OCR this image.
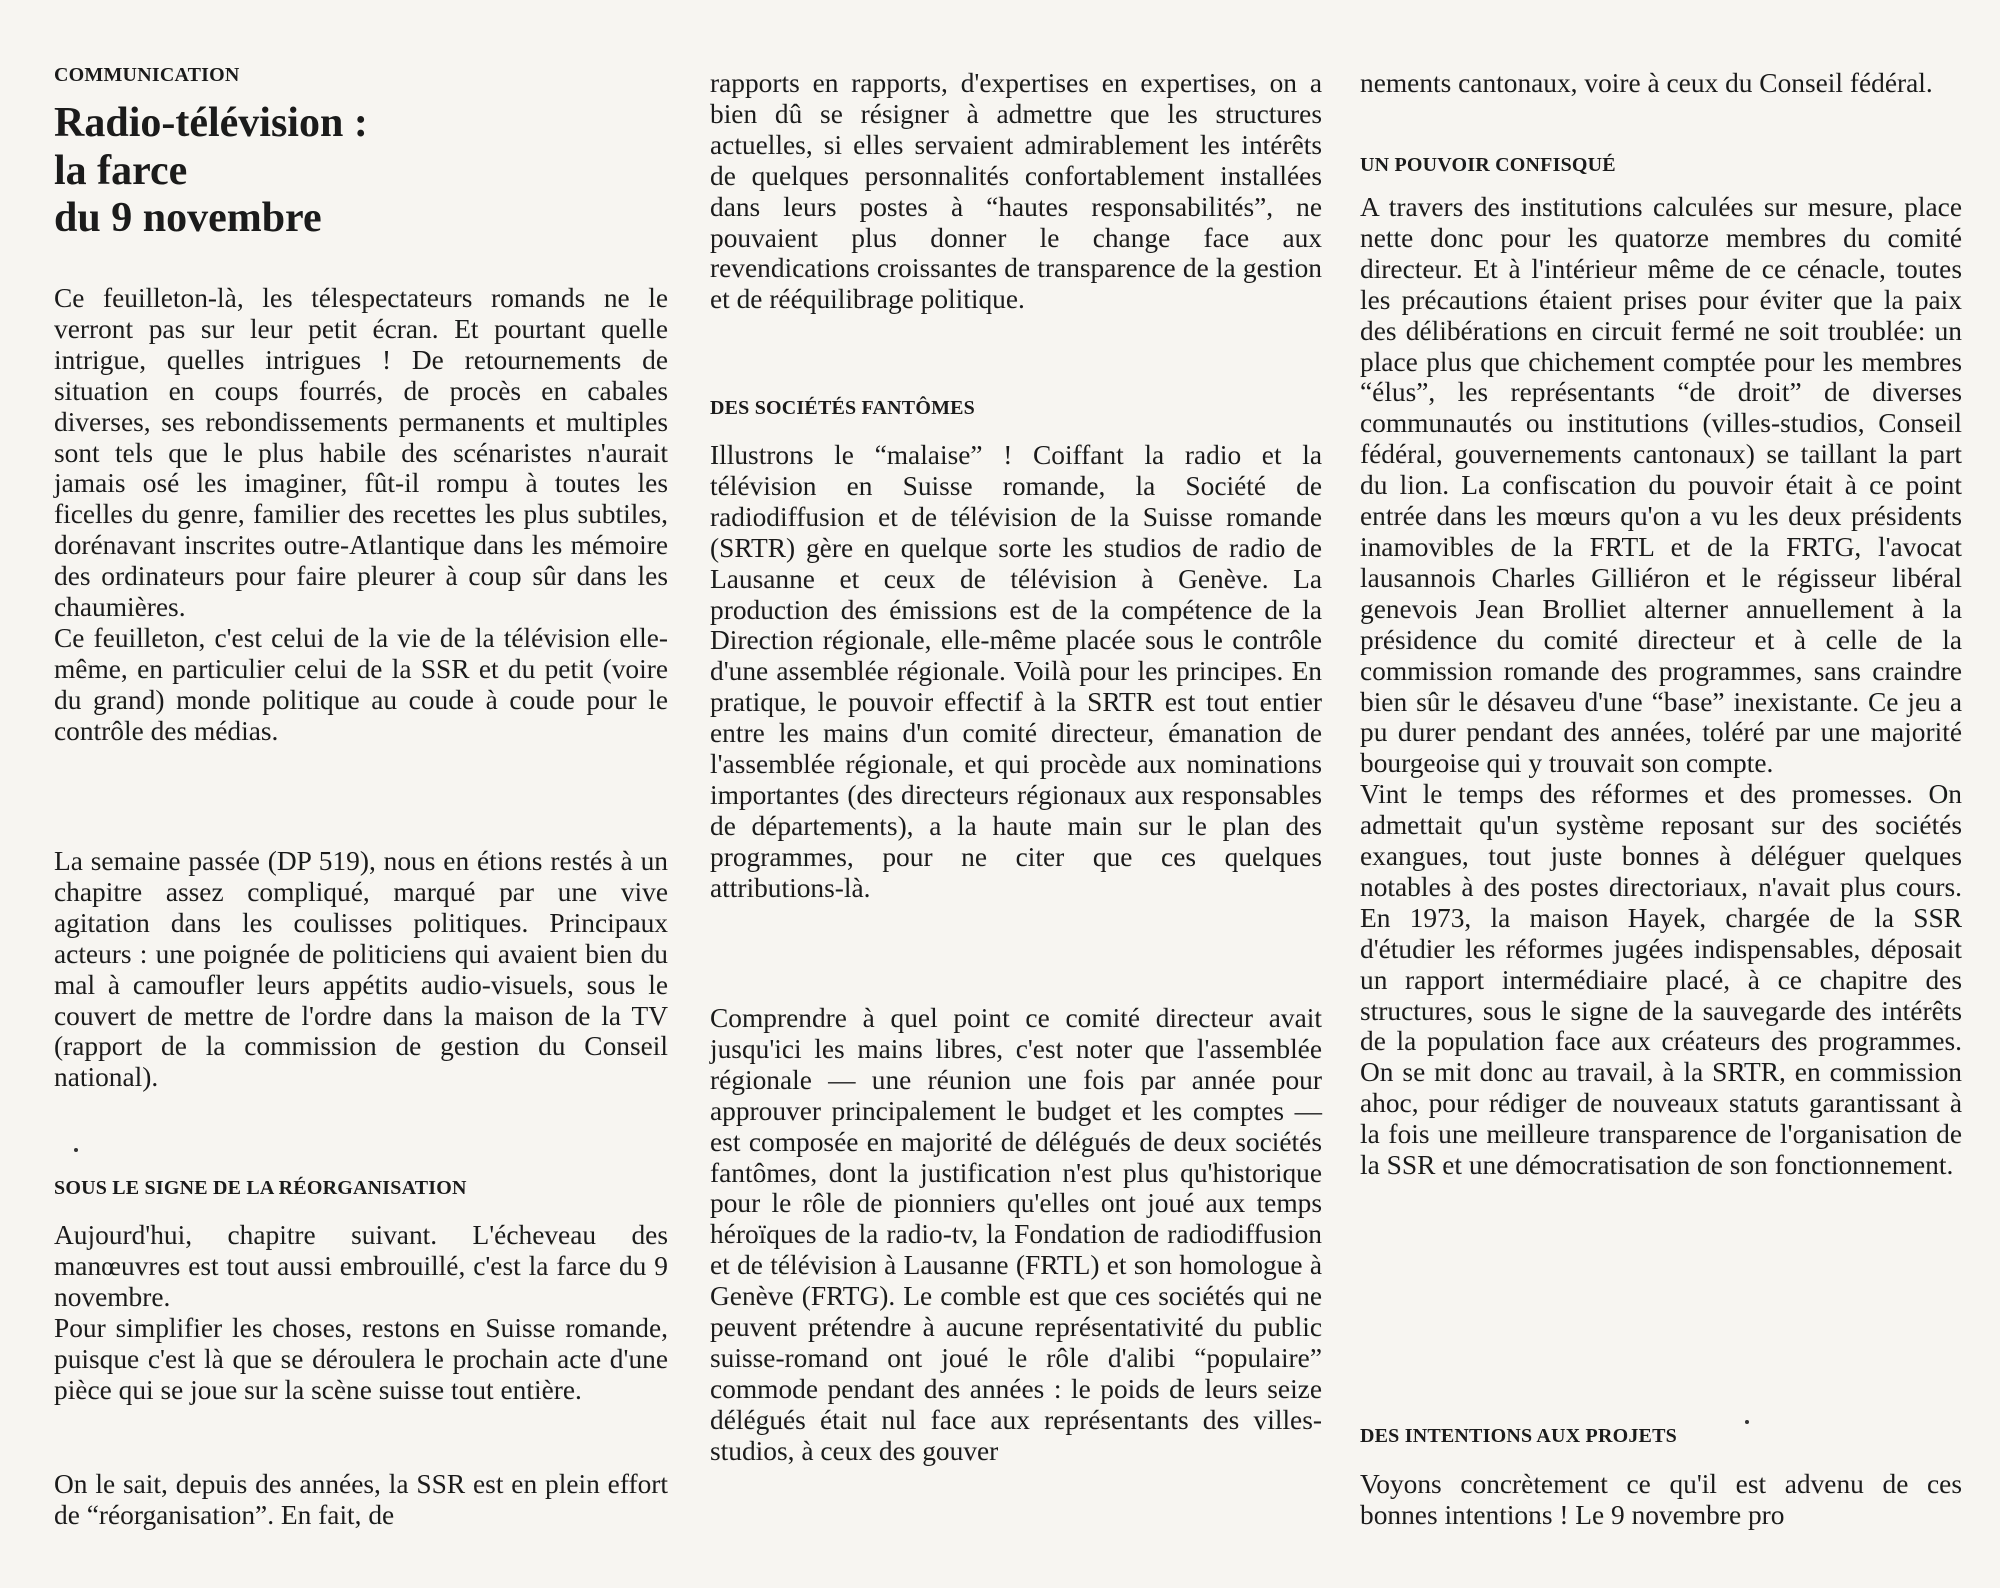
COMMUNICATION
Radio-télévision :
la farce
du 9 novembre

Ce feuilleton-là, les télespectateurs romands ne le verront pas sur leur petit écran. Et pourtant quelle intrigue, quelles intrigues ! De retournements de situation en coups fourrés, de procès en cabales diverses, ses rebondissements permanents et multiples sont tels que le plus habile des scénaristes n'aurait jamais osé les imaginer, fût-il rompu à toutes les ficelles du genre, familier des recettes les plus subtiles, dorénavant inscrites outre-Atlantique dans les mémoire des ordinateurs pour faire pleurer à coup sûr dans les chaumières.

Ce feuilleton, c'est celui de la vie de la télévision elle-même, en particulier celui de la SSR et du petit (voire du grand) monde politique au coude à coude pour le contrôle des médias.

La semaine passée (DP 519), nous en étions restés à un chapitre assez compliqué, marqué par une vive agitation dans les coulisses politiques. Principaux acteurs : une poignée de politiciens qui avaient bien du mal à camoufler leurs appétits audio-visuels, sous le couvert de mettre de l'ordre dans la maison de la TV (rapport de la commission de gestion du Conseil national).

SOUS LE SIGNE DE LA RÉORGANISATION

Aujourd'hui, chapitre suivant. L'écheveau des manœuvres est tout aussi embrouillé, c'est la farce du 9 novembre.

Pour simplifier les choses, restons en Suisse romande, puisque c'est là que se déroulera le prochain acte d'une pièce qui se joue sur la scène suisse tout entière.

On le sait, depuis des années, la SSR est en plein effort de “réorganisation”. En fait, de

rapports en rapports, d'expertises en expertises, on a bien dû se résigner à admettre que les structures actuelles, si elles servaient admirablement les intérêts de quelques personnalités confortablement installées dans leurs postes à “hautes responsabilités”, ne pouvaient plus donner le change face aux revendications croissantes de transparence de la gestion et de rééquilibrage politique.

DES SOCIÉTÉS FANTÔMES

Illustrons le “malaise” ! Coiffant la radio et la télévision en Suisse romande, la Société de radiodiffusion et de télévision de la Suisse romande (SRTR) gère en quelque sorte les studios de radio de Lausanne et ceux de télévision à Genève. La production des émissions est de la compétence de la Direction régionale, elle-même placée sous le contrôle d'une assemblée régionale. Voilà pour les principes. En pratique, le pouvoir effectif à la SRTR est tout entier entre les mains d'un comité directeur, émanation de l'assemblée régionale, et qui procède aux nominations importantes (des directeurs régionaux aux responsables de départements), a la haute main sur le plan des programmes, pour ne citer que ces quelques attributions-là.

Comprendre à quel point ce comité directeur avait jusqu'ici les mains libres, c'est noter que l'assemblée régionale — une réunion une fois par année pour approuver principalement le budget et les comptes — est composée en majorité de délégués de deux sociétés fantômes, dont la justification n'est plus qu'historique pour le rôle de pionniers qu'elles ont joué aux temps héroïques de la radio-tv, la Fondation de radiodiffusion et de télévision à Lausanne (FRTL) et son homologue à Genève (FRTG). Le comble est que ces sociétés qui ne peuvent prétendre à aucune représentativité du public suisse-romand ont joué le rôle d'alibi “populaire” commode pendant des années : le poids de leurs seize délégués était nul face aux représentants des villes-studios, à ceux des gouver

nements cantonaux, voire à ceux du Conseil fédéral.

UN POUVOIR CONFISQUÉ

A travers des institutions calculées sur mesure, place nette donc pour les quatorze membres du comité directeur. Et à l'intérieur même de ce cénacle, toutes les précautions étaient prises pour éviter que la paix des délibérations en circuit fermé ne soit troublée: un place plus que chichement comptée pour les membres “élus”, les représentants “de droit” de diverses communautés ou institutions (villes-studios, Conseil fédéral, gouvernements cantonaux) se taillant la part du lion. La confiscation du pouvoir était à ce point entrée dans les mœurs qu'on a vu les deux présidents inamovibles de la FRTL et de la FRTG, l'avocat lausannois Charles Gilliéron et le régisseur libéral genevois Jean Brolliet alterner annuellement à la présidence du comité directeur et à celle de la commission romande des programmes, sans craindre bien sûr le désaveu d'une “base” inexistante. Ce jeu a pu durer pendant des années, toléré par une majorité bourgeoise qui y trouvait son compte.

Vint le temps des réformes et des promesses. On admettait qu'un système reposant sur des sociétés exangues, tout juste bonnes à déléguer quelques notables à des postes directoriaux, n'avait plus cours. En 1973, la maison Hayek, chargée de la SSR d'étudier les réformes jugées indispensables, déposait un rapport intermédiaire placé, à ce chapitre des structures, sous le signe de la sauvegarde des intérêts de la population face aux créateurs des programmes. On se mit donc au travail, à la SRTR, en commission ahoc, pour rédiger de nouveaux statuts garantissant à la fois une meilleure transparence de l'organisation de la SSR et une démocratisation de son fonctionnement.

DES INTENTIONS AUX PROJETS

Voyons concrètement ce qu'il est advenu de ces bonnes intentions ! Le 9 novembre pro
